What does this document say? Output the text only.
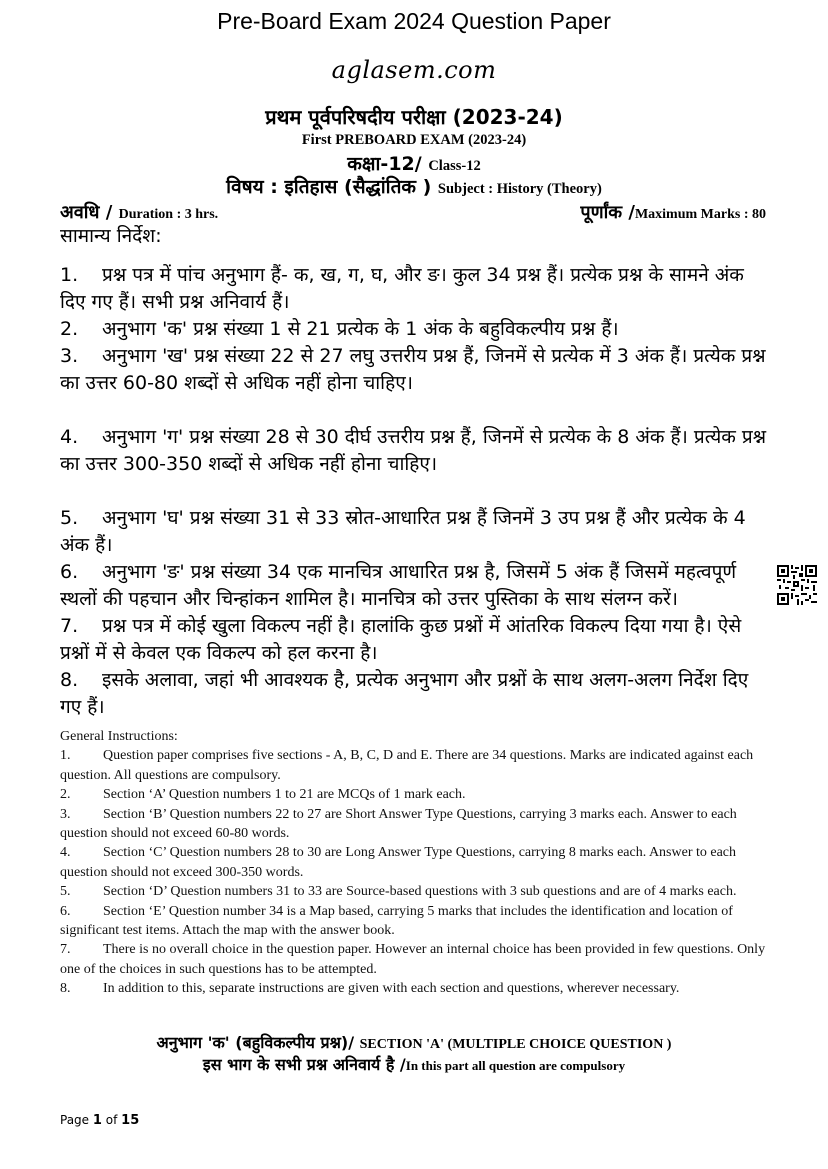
Pre-Board Exam 2024 Question Paper
aglasem.com
प्रथम पूर्वपरिषदीय परीक्षा (2023-24)
First PREBOARD EXAM (2023-24)
कक्षा-12/ Class-12
विषय : इतिहास (सैद्धांतिक ) Subject : History (Theory)
अवधि / Duration : 3 hrs.	पूर्णांक /Maximum Marks : 80
सामान्य निर्देश:
1. प्रश्न पत्र में पांच अनुभाग हैं- क, ख, ग, घ, और ङ। कुल 34 प्रश्न हैं। प्रत्येक प्रश्न के सामने अंक दिए गए हैं। सभी प्रश्न अनिवार्य हैं।
2. अनुभाग 'क' प्रश्न संख्या 1 से 21 प्रत्येक के 1 अंक के बहुविकल्पीय प्रश्न हैं।
3. अनुभाग 'ख' प्रश्न संख्या 22 से 27 लघु उत्तरीय प्रश्न हैं, जिनमें से प्रत्येक में 3 अंक हैं। प्रत्येक प्रश्न का उत्तर 60-80 शब्दों से अधिक नहीं होना चाहिए।
4. अनुभाग 'ग' प्रश्न संख्या 28 से 30 दीर्घ उत्तरीय प्रश्न हैं, जिनमें से प्रत्येक के 8 अंक हैं। प्रत्येक प्रश्न का उत्तर 300-350 शब्दों से अधिक नहीं होना चाहिए।
5. अनुभाग 'घ' प्रश्न संख्या 31 से 33 स्रोत-आधारित प्रश्न हैं जिनमें 3 उप प्रश्न हैं और प्रत्येक के 4 अंक हैं।
6. अनुभाग 'ङ' प्रश्न संख्या 34 एक मानचित्र आधारित प्रश्न है, जिसमें 5 अंक हैं जिसमें महत्वपूर्ण स्थलों की पहचान और चिन्हांकन शामिल है। मानचित्र को उत्तर पुस्तिका के साथ संलग्न करें।
7. प्रश्न पत्र में कोई खुला विकल्प नहीं है। हालांकि कुछ प्रश्नों में आंतरिक विकल्प दिया गया है। ऐसे प्रश्नों में से केवल एक विकल्प को हल करना है।
8. इसके अलावा, जहां भी आवश्यक है, प्रत्येक अनुभाग और प्रश्नों के साथ अलग-अलग निर्देश दिए गए हैं।
General Instructions:
1. Question paper comprises five sections - A, B, C, D and E. There are 34 questions. Marks are indicated against each question. All questions are compulsory.
2. Section ‘A’ Question numbers 1 to 21 are MCQs of 1 mark each.
3. Section ‘B’ Question numbers 22 to 27 are Short Answer Type Questions, carrying 3 marks each. Answer to each question should not exceed 60-80 words.
4. Section ‘C’ Question numbers 28 to 30 are Long Answer Type Questions, carrying 8 marks each. Answer to each question should not exceed 300-350 words.
5. Section ‘D’ Question numbers 31 to 33 are Source-based questions with 3 sub questions and are of 4 marks each.
6. Section ‘E’ Question number 34 is a Map based, carrying 5 marks that includes the identification and location of significant test items. Attach the map with the answer book.
7. There is no overall choice in the question paper. However an internal choice has been provided in few questions. Only one of the choices in such questions has to be attempted.
8. In addition to this, separate instructions are given with each section and questions, wherever necessary.
अनुभाग 'क' (बहुविकल्पीय प्रश्न)/ SECTION 'A' (MULTIPLE CHOICE QUESTION )
इस भाग के सभी प्रश्न अनिवार्य है /In this part all question are compulsory
Page 1 of 15
